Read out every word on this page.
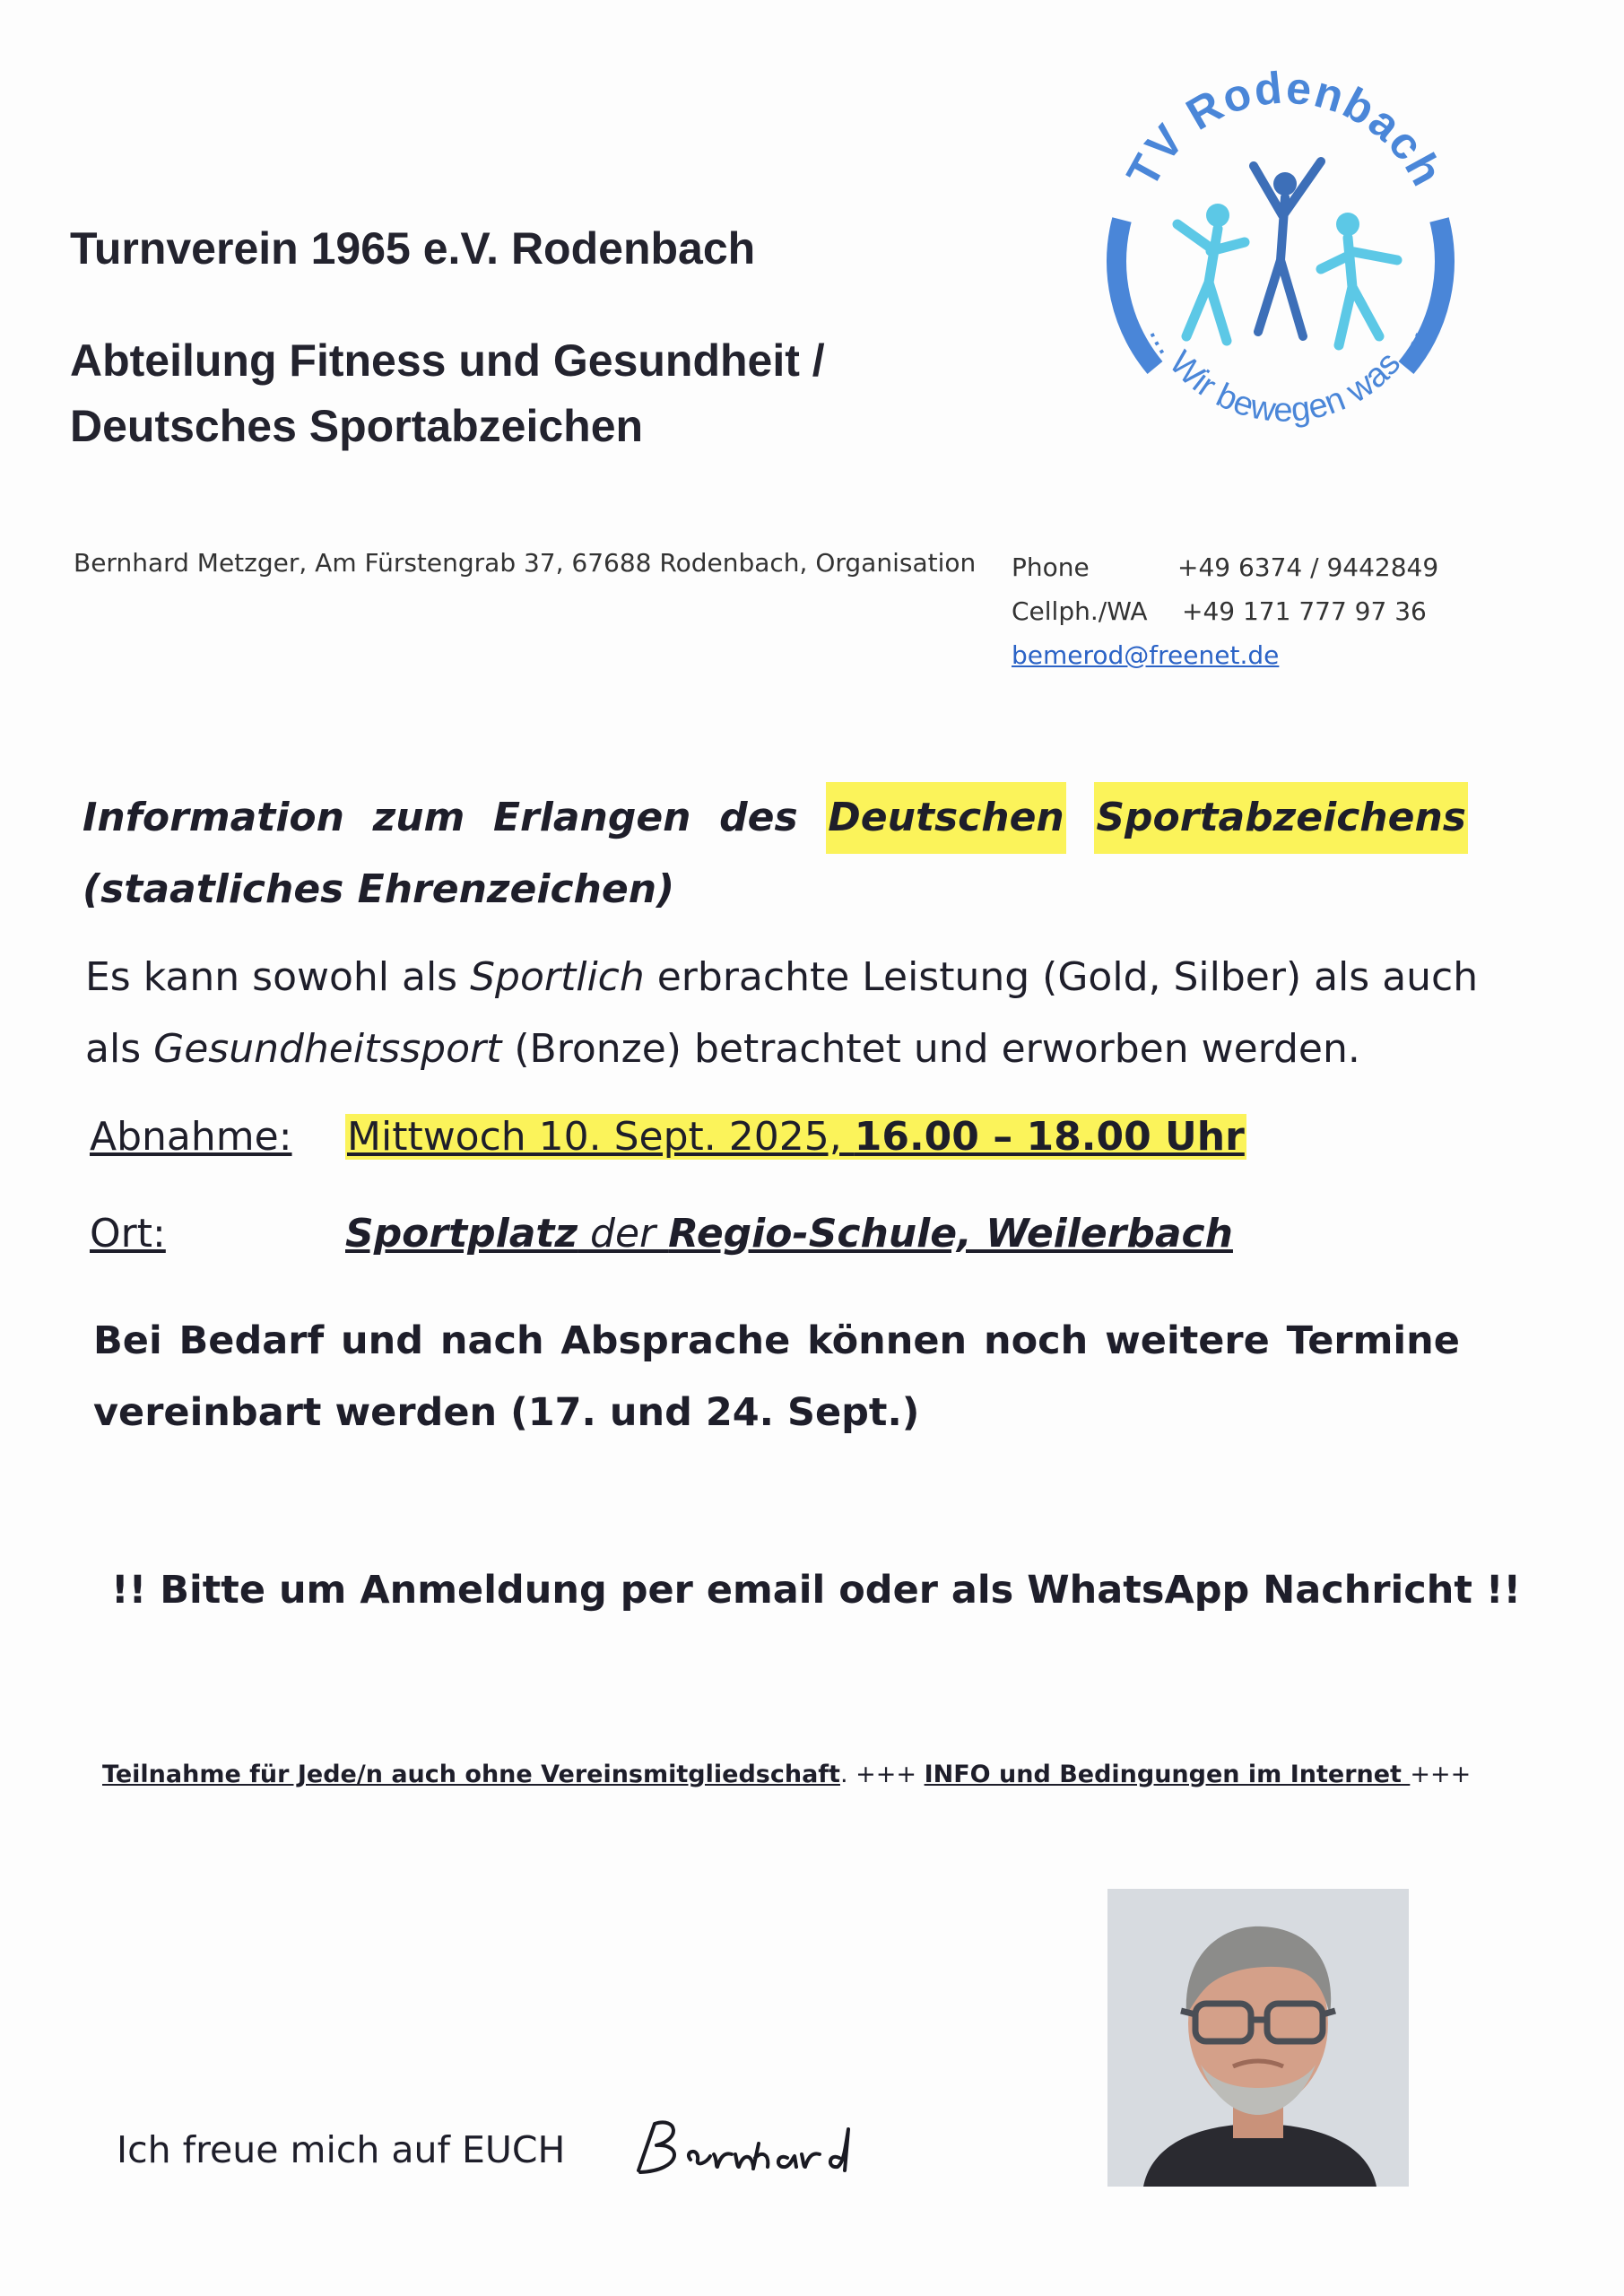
Turnverein 1965 e.V. Rodenbach
Abteilung Fitness und Gesundheit /
Deutsches Sportabzeichen
TV Rodenbach
... Wir bewegen was ...
Bernhard Metzger, Am Fürstengrab 37, 67688 Rodenbach, Organisation Phone	+49 6374 / 9442849
Cellph./WA	+49 171 777 97 36
bemerod@freenet.de
Information zum Erlangen des Deutschen Sportabzeichens
(staatliches Ehrenzeichen)
Es kann sowohl als Sportlich erbrachte Leistung (Gold, Silber) als auch
als Gesundheitssport (Bronze) betrachtet und erworben werden.
Abnahme: Mittwoch 10. Sept. 2025, 16.00 – 18.00 Uhr
Ort:	Sportplatz der Regio-Schule, Weilerbach
Bei Bedarf und nach Absprache können noch weitere Termine
vereinbart werden (17. und 24. Sept.)
!! Bitte um Anmeldung per email oder als WhatsApp Nachricht !!
Teilnahme für Jede/n auch ohne Vereinsmitgliedschaft. +++ INFO und Bedingungen im Internet +++
Ich freue mich auf EUCH
